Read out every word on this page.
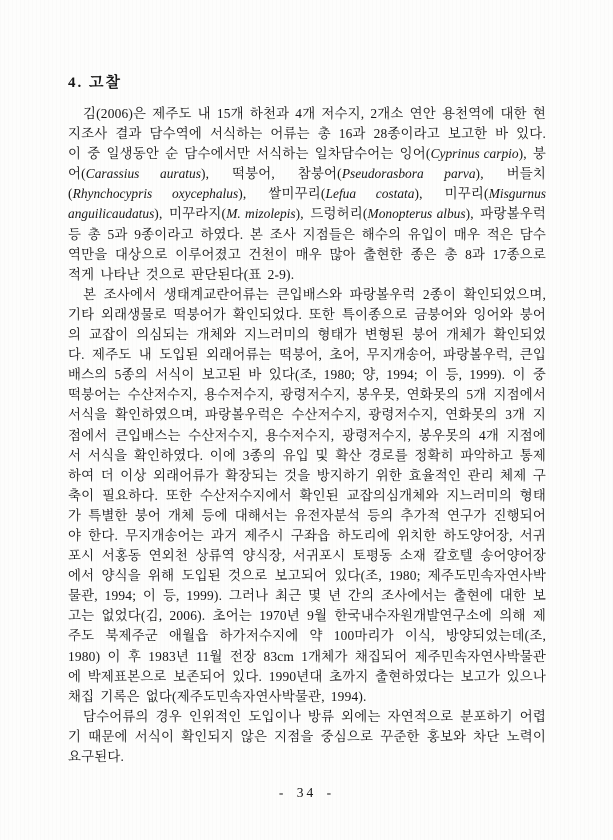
4. 고찰

김(2006)은 제주도 내 15개 하천과 4개 저수지, 2개소 연안 용천역에 대한 현지조사 결과 담수역에 서식하는 어류는 총 16과 28종이라고 보고한 바 있다. 이 중 일생동안 순 담수에서만 서식하는 일차담수어는 잉어(Cyprinus carpio), 붕어(Carassius auratus), 떡붕어, 참붕어(Pseudorasbora parva), 버들치(Rhynchocypris oxycephalus), 쌀미꾸리(Lefua costata), 미꾸리(Misgurnus anguilicaudatus), 미꾸라지(M. mizolepis), 드렁허리(Monopterus albus), 파랑볼우럭 등 총 5과 9종이라고 하였다. 본 조사 지점들은 해수의 유입이 매우 적은 담수역만을 대상으로 이루어졌고 건천이 매우 많아 출현한 종은 총 8과 17종으로 적게 나타난 것으로 판단된다(표 2-9).

본 조사에서 생태계교란어류는 큰입배스와 파랑볼우럭 2종이 확인되었으며, 기타 외래생물로 떡붕어가 확인되었다. 또한 특이종으로 금붕어와 잉어와 붕어의 교잡이 의심되는 개체와 지느러미의 형태가 변형된 붕어 개체가 확인되었다. 제주도 내 도입된 외래어류는 떡붕어, 초어, 무지개송어, 파랑볼우럭, 큰입배스의 5종의 서식이 보고된 바 있다(조, 1980; 양, 1994; 이 등, 1999). 이 중 떡붕어는 수산저수지, 용수저수지, 광령저수지, 봉우못, 연화못의 5개 지점에서 서식을 확인하였으며, 파랑볼우럭은 수산저수지, 광령저수지, 연화못의 3개 지점에서 큰입배스는 수산저수지, 용수저수지, 광령저수지, 봉우못의 4개 지점에서 서식을 확인하였다. 이에 3종의 유입 및 확산 경로를 정확히 파악하고 통제하여 더 이상 외래어류가 확장되는 것을 방지하기 위한 효율적인 관리 체제 구축이 필요하다. 또한 수산저수지에서 확인된 교잡의심개체와 지느러미의 형태가 특별한 붕어 개체 등에 대해서는 유전자분석 등의 추가적 연구가 진행되어야 한다. 무지개송어는 과거 제주시 구좌읍 하도리에 위치한 하도양어장, 서귀포시 서홍동 연외천 상류역 양식장, 서귀포시 토평동 소재 칼호텔 송어양어장에서 양식을 위해 도입된 것으로 보고되어 있다(조, 1980; 제주도민속자연사박물관, 1994; 이 등, 1999). 그러나 최근 몇 년 간의 조사에서는 출현에 대한 보고는 없었다(김, 2006). 초어는 1970년 9월 한국내수자원개발연구소에 의해 제주도 북제주군 애월읍 하가저수지에 약 100마리가 이식, 방양되었는데(조, 1980) 이 후 1983년 11월 전장 83cm 1개체가 채집되어 제주민속자연사박물관에 박제표본으로 보존되어 있다. 1990년대 초까지 출현하였다는 보고가 있으나 채집 기록은 없다(제주도민속자연사박물관, 1994).

담수어류의 경우 인위적인 도입이나 방류 외에는 자연적으로 분포하기 어렵기 때문에 서식이 확인되지 않은 지점을 중심으로 꾸준한 홍보와 차단 노력이 요구된다.

- 34 -
